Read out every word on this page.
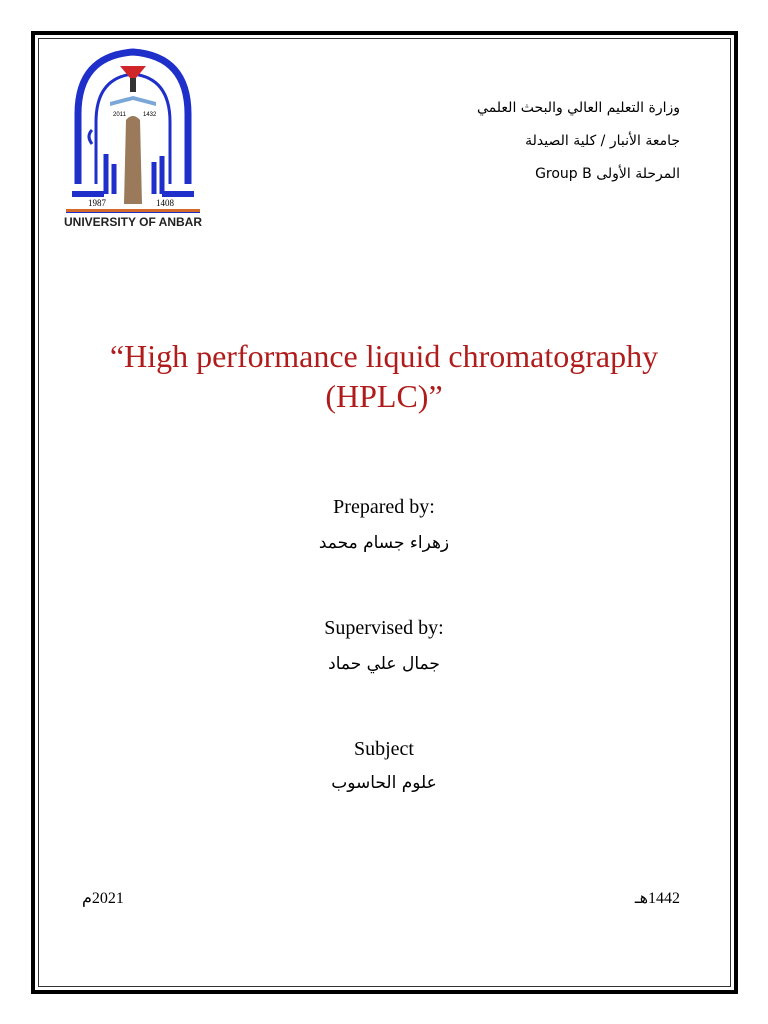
2011	1432
1987	1408
UNIVERSITY OF ANBAR
وزارة التعليم العالي والبحث العلمي
جامعة الأنبار / كلية الصيدلة
المرحلة الأولى Group B
“High performance liquid chromatography
(HPLC)”
Prepared by:
زهراء جسام محمد
Supervised by:
جمال علي حماد
Subject
علوم الحاسوب
2021م	1442هـ
